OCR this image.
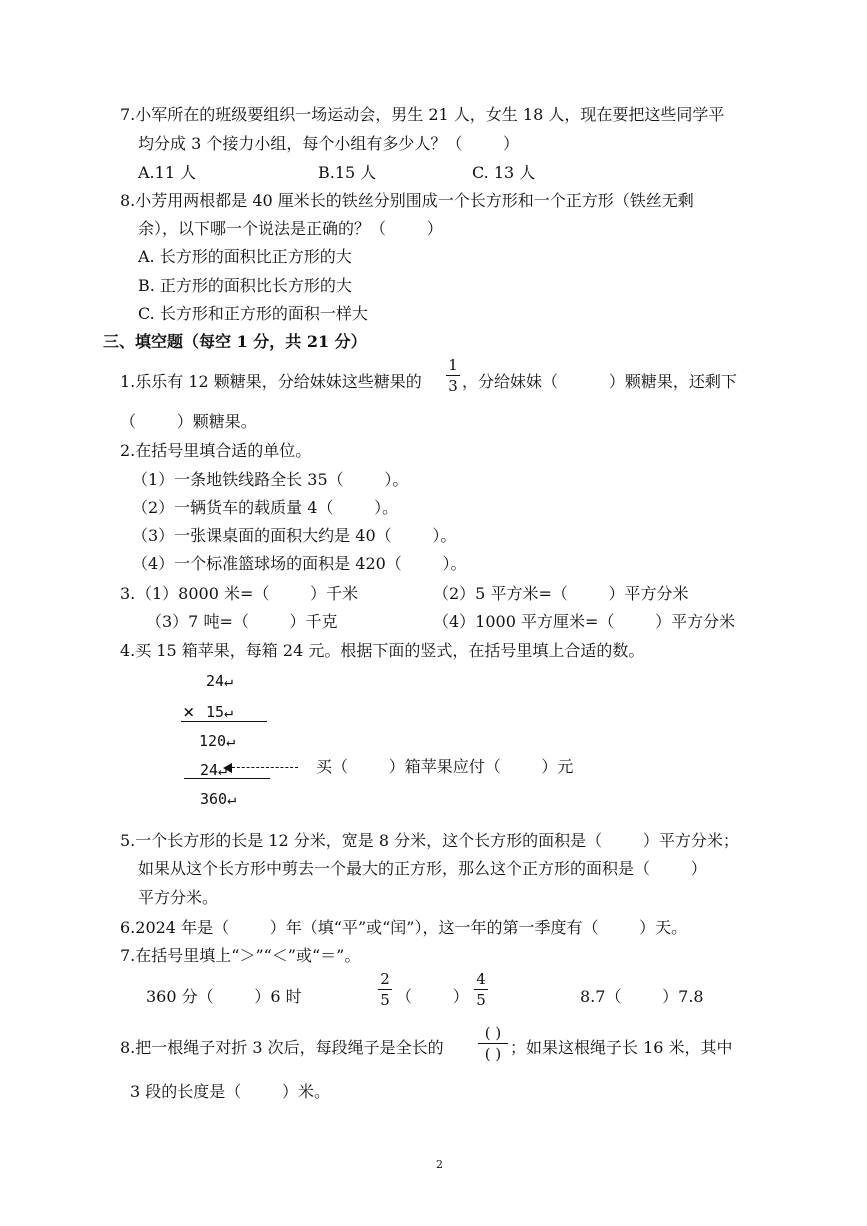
7.小军所在的班级要组织一场运动会，男生 21 人，女生 18 人，现在要把这些同学平
均分成 3 个接力小组，每个小组有多少人？（        ）
A.11 人	B.15 人	C. 13 人
8.小芳用两根都是 40 厘米长的铁丝分别围成一个长方形和一个正方形（铁丝无剩
余），以下哪一个说法是正确的？（        ）
A. 长方形的面积比正方形的大
B. 正方形的面积比长方形的大
C. 长方形和正方形的面积一样大
三、填空题（每空 1 分，共 21 分）
1.乐乐有 12 颗糖果，分给妹妹这些糖果的
1
3 ，分给妹妹（          ）颗糖果，还剩下
（        ）颗糖果。
2.在括号里填合适的单位。
（1）一条地铁线路全长 35（        ）。
（2）一辆货车的载质量 4（        ）。
（3）一张课桌面的面积大约是 40（        ）。
（4）一个标准篮球场的面积是 420（        ）。
3. （1）8000 米=（        ）千米	（2）5 平方米=（        ）平方分米
（3）7 吨=（        ）千克	（4）1000 平方厘米=（        ）平方分米
4.买 15 箱苹果，每箱 24 元。根据下面的竖式，在括号里填上合适的数。
24↵
× 15↵
120↵
24↵
360↵
买（        ）箱苹果应付（        ）元
5.一个长方形的长是 12 分米，宽是 8 分米，这个长方形的面积是（        ）平方分米；
如果从这个长方形中剪去一个最大的正方形，那么这个正方形的面积是（        ）
平方分米。
6.2024 年是（        ）年（填“平”或“闰”），这一年的第一季度有（        ）天。
7.在括号里填上“＞”“＜”或“＝”。
360 分（        ）6 时
2
5 （        ）
4
5	8.7（        ）7.8
8.把一根绳子对折 3 次后，每段绳子是全长的
( )
( ) ；如果这根绳子长 16 米，其中
3 段的长度是（        ）米。
2
